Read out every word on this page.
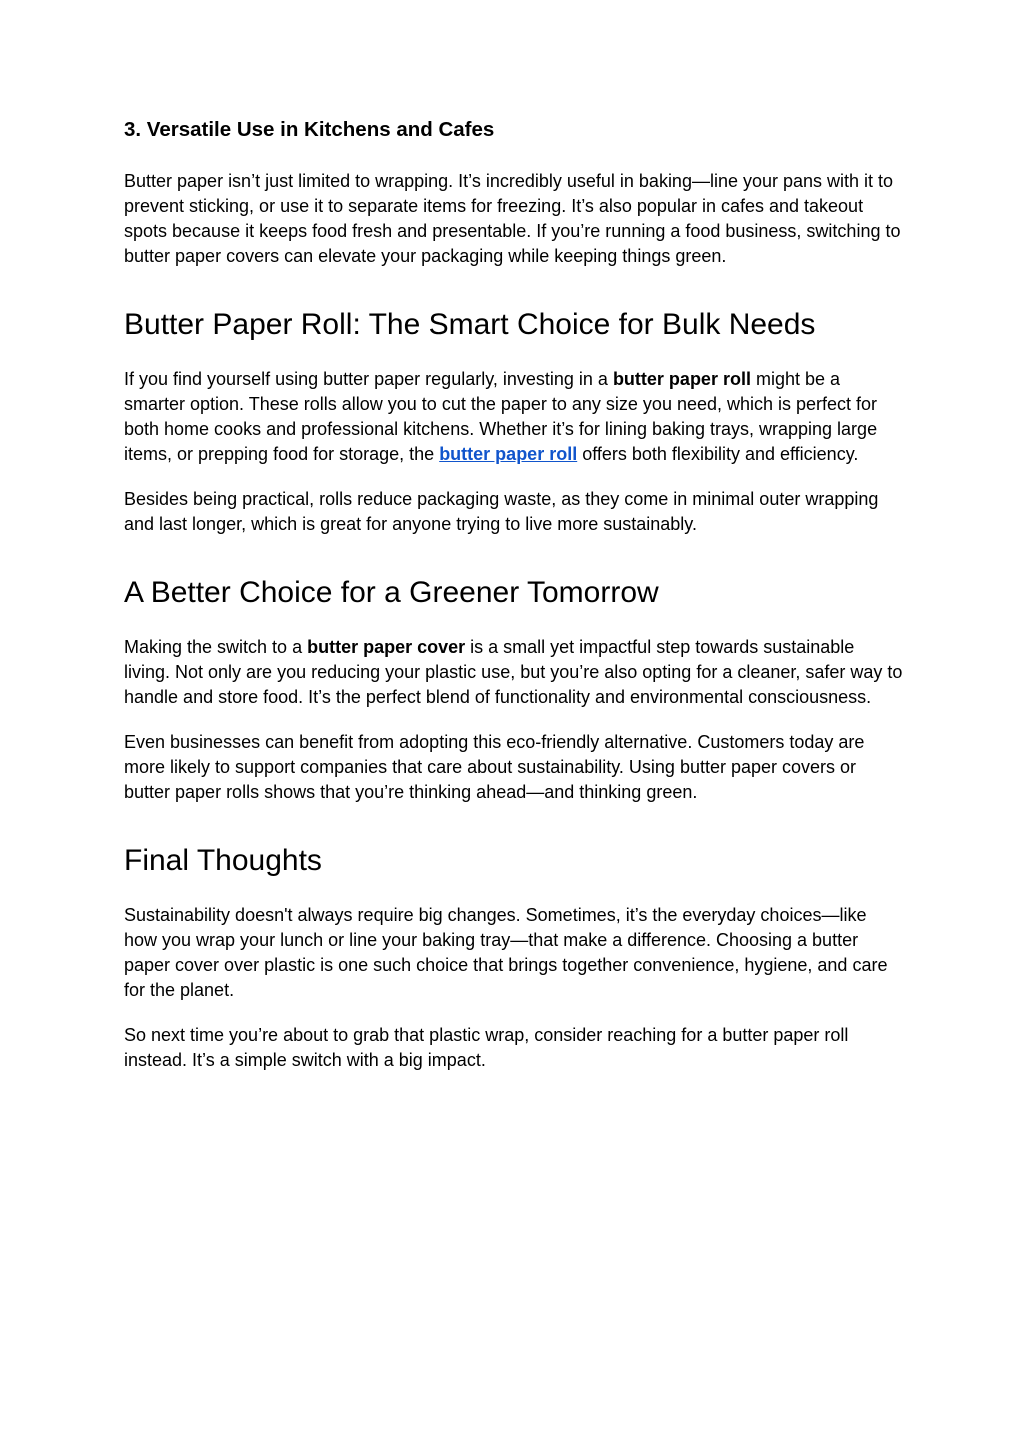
3. Versatile Use in Kitchens and Cafes

Butter paper isn’t just limited to wrapping. It’s incredibly useful in baking—line your pans with it to prevent sticking, or use it to separate items for freezing. It’s also popular in cafes and takeout spots because it keeps food fresh and presentable. If you’re running a food business, switching to butter paper covers can elevate your packaging while keeping things green.

Butter Paper Roll: The Smart Choice for Bulk Needs

If you find yourself using butter paper regularly, investing in a butter paper roll might be a smarter option. These rolls allow you to cut the paper to any size you need, which is perfect for both home cooks and professional kitchens. Whether it’s for lining baking trays, wrapping large items, or prepping food for storage, the butter paper roll offers both flexibility and efficiency.

Besides being practical, rolls reduce packaging waste, as they come in minimal outer wrapping and last longer, which is great for anyone trying to live more sustainably.

A Better Choice for a Greener Tomorrow

Making the switch to a butter paper cover is a small yet impactful step towards sustainable living. Not only are you reducing your plastic use, but you’re also opting for a cleaner, safer way to handle and store food. It’s the perfect blend of functionality and environmental consciousness.

Even businesses can benefit from adopting this eco-friendly alternative. Customers today are more likely to support companies that care about sustainability. Using butter paper covers or butter paper rolls shows that you’re thinking ahead—and thinking green.

Final Thoughts

Sustainability doesn't always require big changes. Sometimes, it’s the everyday choices—like how you wrap your lunch or line your baking tray—that make a difference. Choosing a butter paper cover over plastic is one such choice that brings together convenience, hygiene, and care for the planet.

So next time you’re about to grab that plastic wrap, consider reaching for a butter paper roll instead. It’s a simple switch with a big impact.
